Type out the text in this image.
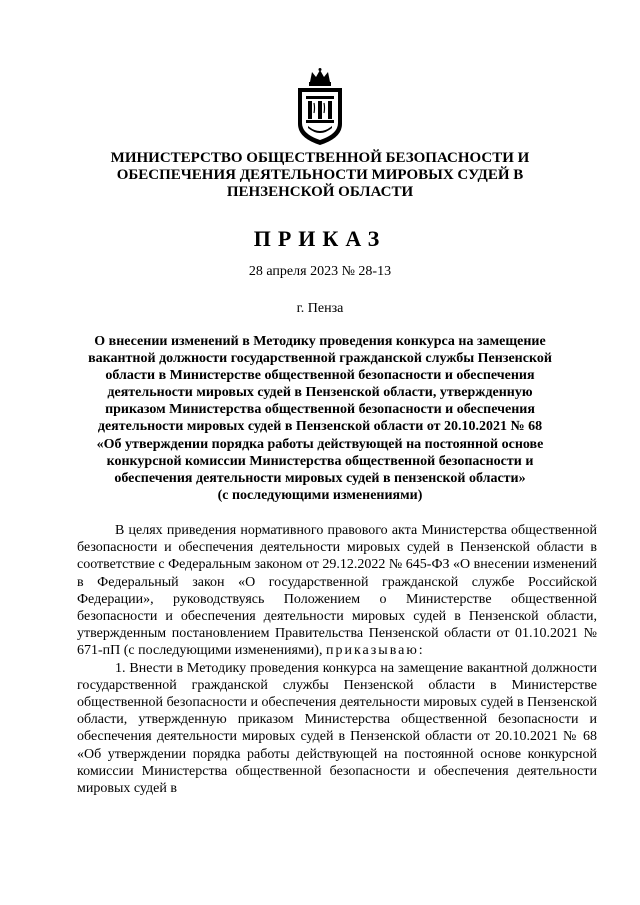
МИНИСТЕРСТВО ОБЩЕСТВЕННОЙ БЕЗОПАСНОСТИ И
ОБЕСПЕЧЕНИЯ ДЕЯТЕЛЬНОСТИ МИРОВЫХ СУДЕЙ В
ПЕНЗЕНСКОЙ ОБЛАСТИ
ПРИКАЗ
28 апреля 2023 № 28-13
г. Пенза
О внесении изменений в Методику проведения конкурса на замещение
вакантной должности государственной гражданской службы Пензенской
области в Министерстве общественной безопасности и обеспечения
деятельности мировых судей в Пензенской области, утвержденную
приказом Министерства общественной безопасности и обеспечения
деятельности мировых судей в Пензенской области от 20.10.2021 № 68
«Об утверждении порядка работы действующей на постоянной основе
конкурсной комиссии Министерства общественной безопасности и
обеспечения деятельности мировых судей в пензенской области»
(с последующими изменениями)

В целях приведения нормативного правового акта Министерства общественной безопасности и обеспечения деятельности мировых судей в Пензенской области в соответствие с Федеральным законом от 29.12.2022 № 645-ФЗ «О внесении изменений в Федеральный закон «О государственной гражданской службе Российской Федерации», руководствуясь Положением о Министерстве общественной безопасности и обеспечения деятельности мировых судей в Пензенской области, утвержденным постановлением Правительства Пензенской области от 01.10.2021 № 671-пП (с последующими изменениями), приказываю:

1. Внести в Методику проведения конкурса на замещение вакантной должности государственной гражданской службы Пензенской области в Министерстве общественной безопасности и обеспечения деятельности мировых судей в Пензенской области, утвержденную приказом Министерства общественной безопасности и обеспечения деятельности мировых судей в Пензенской области от 20.10.2021 № 68 «Об утверждении порядка работы действующей на постоянной основе конкурсной комиссии Министерства общественной безопасности и обеспечения деятельности мировых судей в
